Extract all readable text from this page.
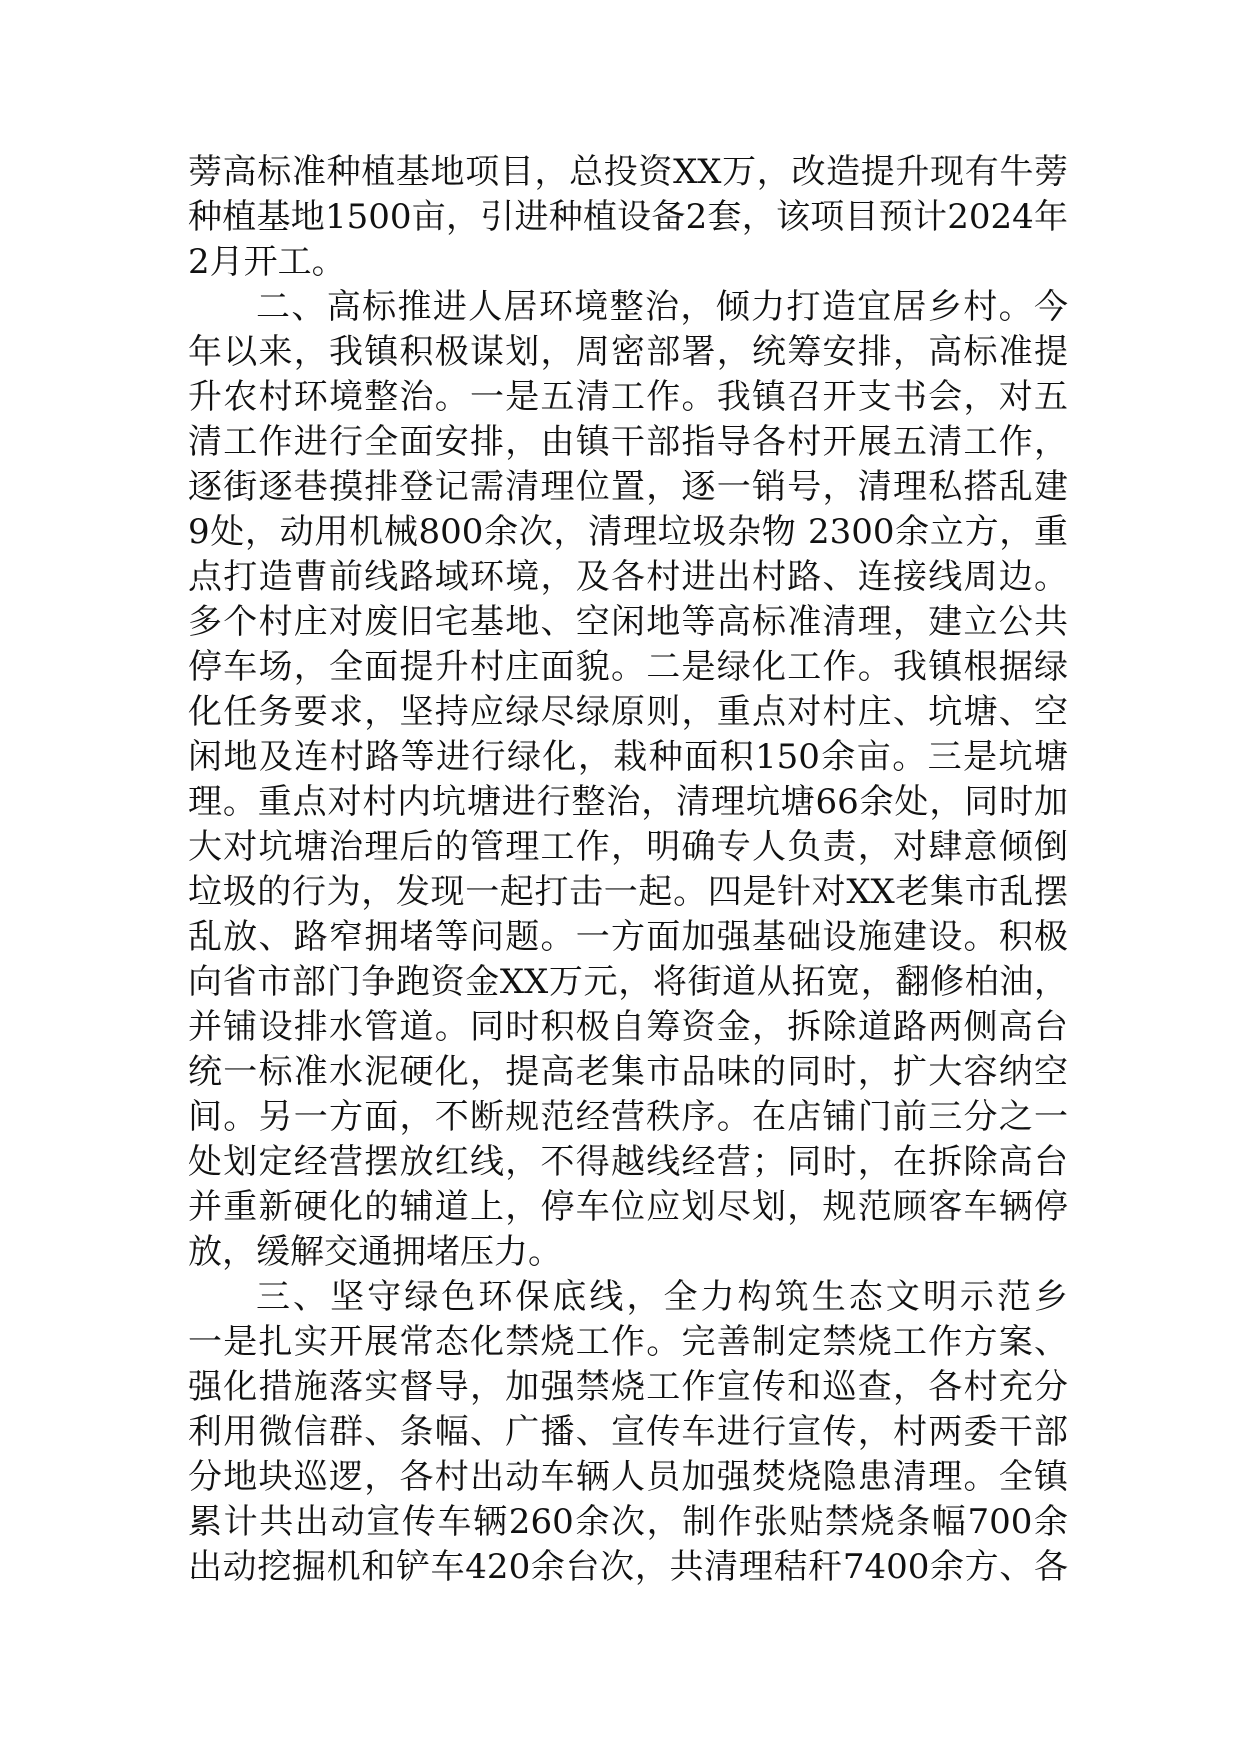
蒡高标准种植基地项目，总投资XX万，改造提升现有牛蒡
种植基地1500亩，引进种植设备2套，该项目预计2024年
2月开工。
二、高标推进人居环境整治，倾力打造宜居乡村。今
年以来，我镇积极谋划，周密部署，统筹安排，高标准提
升农村环境整治。一是五清工作。我镇召开支书会，对五
清工作进行全面安排，由镇干部指导各村开展五清工作，
逐街逐巷摸排登记需清理位置，逐一销号，清理私搭乱建
9处，动用机械800余次，清理垃圾杂物 2300余立方，重
点打造曹前线路域环境，及各村进出村路、连接线周边。
多个村庄对废旧宅基地、空闲地等高标准清理，建立公共
停车场，全面提升村庄面貌。二是绿化工作。我镇根据绿
化任务要求，坚持应绿尽绿原则，重点对村庄、坑塘、空
闲地及连村路等进行绿化，栽种面积150余亩。三是坑塘
理。重点对村内坑塘进行整治，清理坑塘66余处，同时加
大对坑塘治理后的管理工作，明确专人负责，对肆意倾倒
垃圾的行为，发现一起打击一起。四是针对XX老集市乱摆
乱放、路窄拥堵等问题。一方面加强基础设施建设。积极
向省市部门争跑资金XX万元，将街道从拓宽，翻修柏油，
并铺设排水管道。同时积极自筹资金，拆除道路两侧高台
统一标准水泥硬化，提高老集市品味的同时，扩大容纳空
间。另一方面，不断规范经营秩序。在店铺门前三分之一
处划定经营摆放红线，不得越线经营；同时，在拆除高台
并重新硬化的辅道上，停车位应划尽划，规范顾客车辆停
放，缓解交通拥堵压力。
三、坚守绿色环保底线，全力构筑生态文明示范乡
一是扎实开展常态化禁烧工作。完善制定禁烧工作方案、
强化措施落实督导，加强禁烧工作宣传和巡查，各村充分
利用微信群、条幅、广播、宣传车进行宣传，村两委干部
分地块巡逻，各村出动车辆人员加强焚烧隐患清理。全镇
累计共出动宣传车辆260余次，制作张贴禁烧条幅700余
出动挖掘机和铲车420余台次，共清理秸秆7400余方、各
